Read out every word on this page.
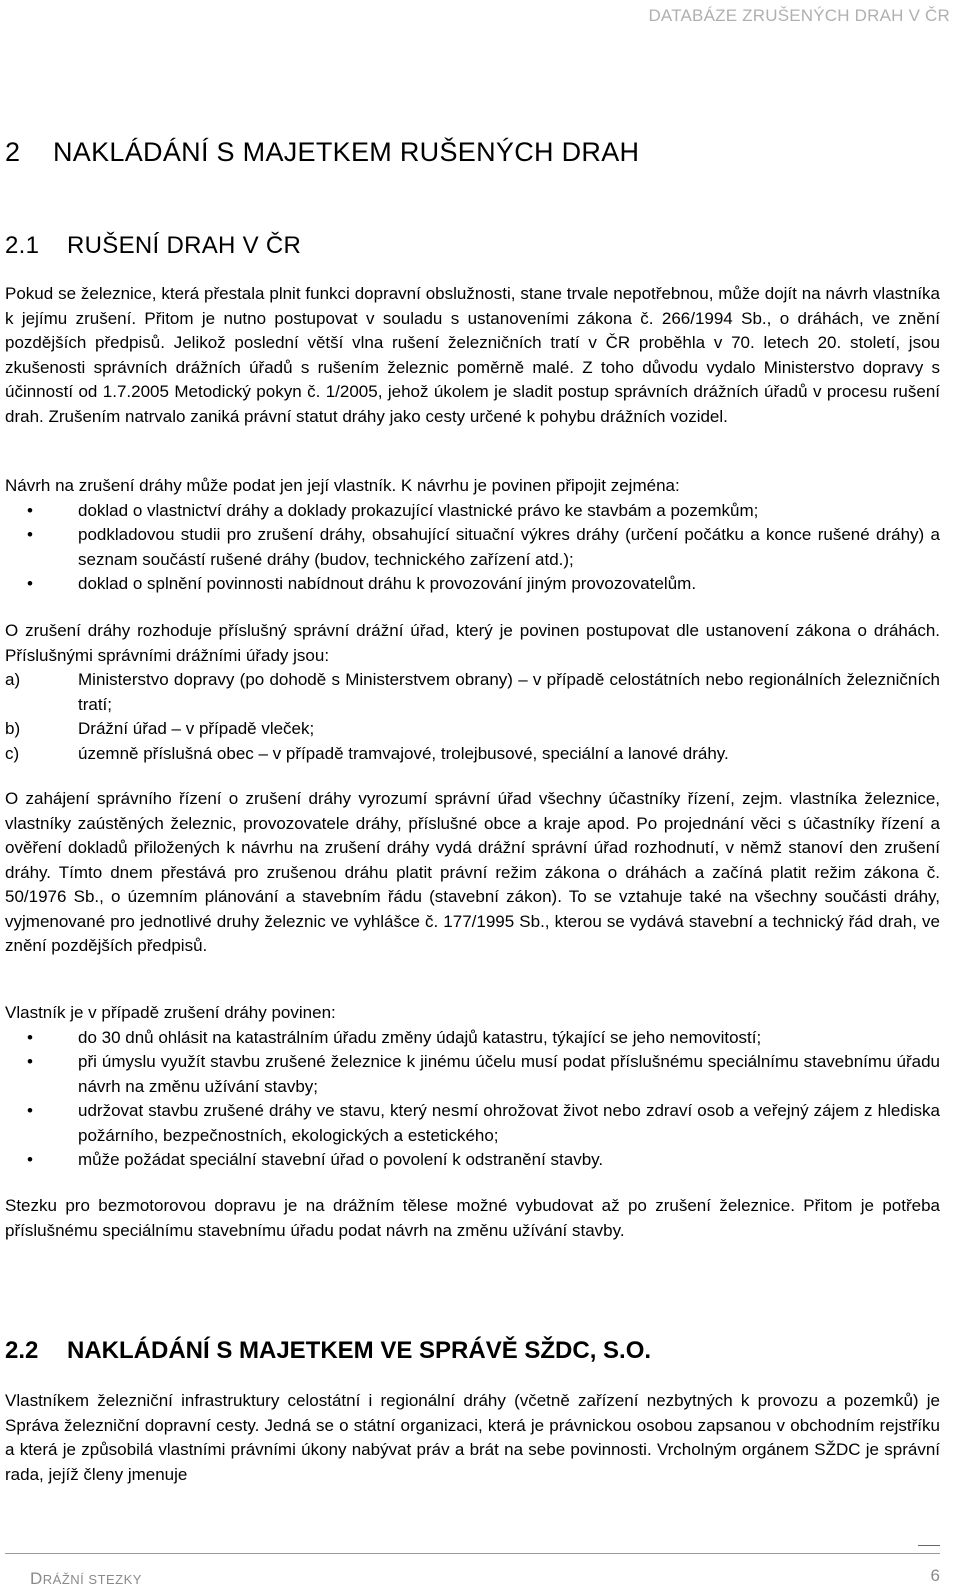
DATABÁZE ZRUŠENÝCH DRAH V ČR
2 NAKLÁDÁNÍ S MAJETKEM RUŠENÝCH DRAH
2.1 RUŠENÍ DRAH V ČR

Pokud se železnice, která přestala plnit funkci dopravní obslužnosti, stane trvale nepotřebnou, může dojít na návrh vlastníka k jejímu zrušení. Přitom je nutno postupovat v souladu s ustanoveními zákona č. 266/1994 Sb., o dráhách, ve znění pozdějších předpisů. Jelikož poslední větší vlna rušení železničních tratí v ČR proběhla v 70. letech 20. století, jsou zkušenosti správních drážních úřadů s rušením železnic poměrně malé. Z toho důvodu vydalo Ministerstvo dopravy s účinností od 1.7.2005 Metodický pokyn č. 1/2005, jehož úkolem je sladit postup správních drážních úřadů v procesu rušení drah. Zrušením natrvalo zaniká právní statut dráhy jako cesty určené k pohybu drážních vozidel.

Návrh na zrušení dráhy může podat jen její vlastník. K návrhu je povinen připojit zejména:

• doklad o vlastnictví dráhy a doklady prokazující vlastnické právo ke stavbám a pozemkům;
• podkladovou studii pro zrušení dráhy, obsahující situační výkres dráhy (určení počátku a konce rušené dráhy) a seznam součástí rušené dráhy (budov, technického zařízení atd.);
• doklad o splnění povinnosti nabídnout dráhu k provozování jiným provozovatelům.

O zrušení dráhy rozhoduje příslušný správní drážní úřad, který je povinen postupovat dle ustanovení zákona o dráhách. Příslušnými správními drážními úřady jsou:

a)	Ministerstvo dopravy (po dohodě s Ministerstvem obrany) – v případě celostátních nebo regionálních železničních tratí;
b)	Drážní úřad – v případě vleček;
c)	územně příslušná obec – v případě tramvajové, trolejbusové, speciální a lanové dráhy.

O zahájení správního řízení o zrušení dráhy vyrozumí správní úřad všechny účastníky řízení, zejm. vlastníka železnice, vlastníky zaústěných železnic, provozovatele dráhy, příslušné obce a kraje apod. Po projednání věci s účastníky řízení a ověření dokladů přiložených k návrhu na zrušení dráhy vydá drážní správní úřad rozhodnutí, v němž stanoví den zrušení dráhy. Tímto dnem přestává pro zrušenou dráhu platit právní režim zákona o dráhách a začíná platit režim zákona č. 50/1976 Sb., o územním plánování a stavebním řádu (stavební zákon). To se vztahuje také na všechny součásti dráhy, vyjmenované pro jednotlivé druhy železnic ve vyhlášce č. 177/1995 Sb., kterou se vydává stavební a technický řád drah, ve znění pozdějších předpisů.

Vlastník je v případě zrušení dráhy povinen:

• do 30 dnů ohlásit na katastrálním úřadu změny údajů katastru, týkající se jeho nemovitostí;
• při úmyslu využít stavbu zrušené železnice k jinému účelu musí podat příslušnému speciálnímu stavebnímu úřadu návrh na změnu užívání stavby;
• udržovat stavbu zrušené dráhy ve stavu, který nesmí ohrožovat život nebo zdraví osob a veřejný zájem z hlediska požárního, bezpečnostních, ekologických a estetického;
• může požádat speciální stavební úřad o povolení k odstranění stavby.

Stezku pro bezmotorovou dopravu je na drážním tělese možné vybudovat až po zrušení železnice. Přitom je potřeba příslušnému speciálnímu stavebnímu úřadu podat návrh na změnu užívání stavby.

2.2 NAKLÁDÁNÍ S MAJETKEM VE SPRÁVĚ SŽDC, S.O.

Vlastníkem železniční infrastruktury celostátní i regionální dráhy (včetně zařízení nezbytných k provozu a pozemků) je Správa železniční dopravní cesty. Jedná se o státní organizaci, která je právnickou osobou zapsanou v obchodním rejstříku a která je způsobilá vlastními právními úkony nabývat práv a brát na sebe povinnosti. Vrcholným orgánem SŽDC je správní rada, jejíž členy jmenuje

DRÁŽNÍ STEZKY	6
